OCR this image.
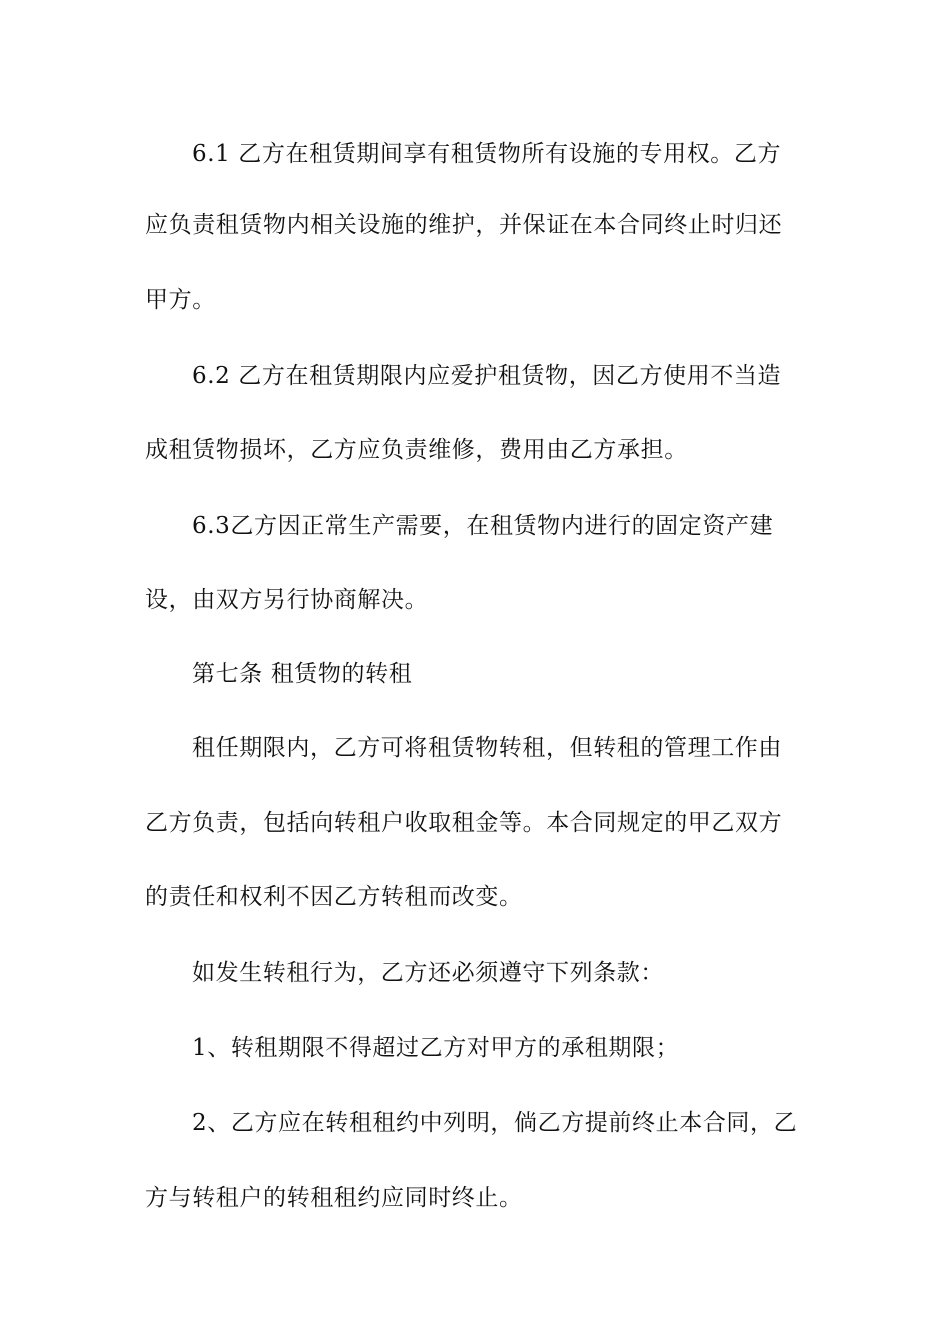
6.1 乙方在租赁期间享有租赁物所有设施的专用权。乙方
应负责租赁物内相关设施的维护，并保证在本合同终止时归还
甲方。
6.2 乙方在租赁期限内应爱护租赁物，因乙方使用不当造
成租赁物损坏，乙方应负责维修，费用由乙方承担。
6.3乙方因正常生产需要，在租赁物内进行的固定资产建
设，由双方另行协商解决。
第七条 租赁物的转租
租任期限内，乙方可将租赁物转租，但转租的管理工作由
乙方负责，包括向转租户收取租金等。本合同规定的甲乙双方
的责任和权利不因乙方转租而改变。
如发生转租行为，乙方还必须遵守下列条款：
1、转租期限不得超过乙方对甲方的承租期限；
2、乙方应在转租租约中列明，倘乙方提前终止本合同，乙
方与转租户的转租租约应同时终止。
